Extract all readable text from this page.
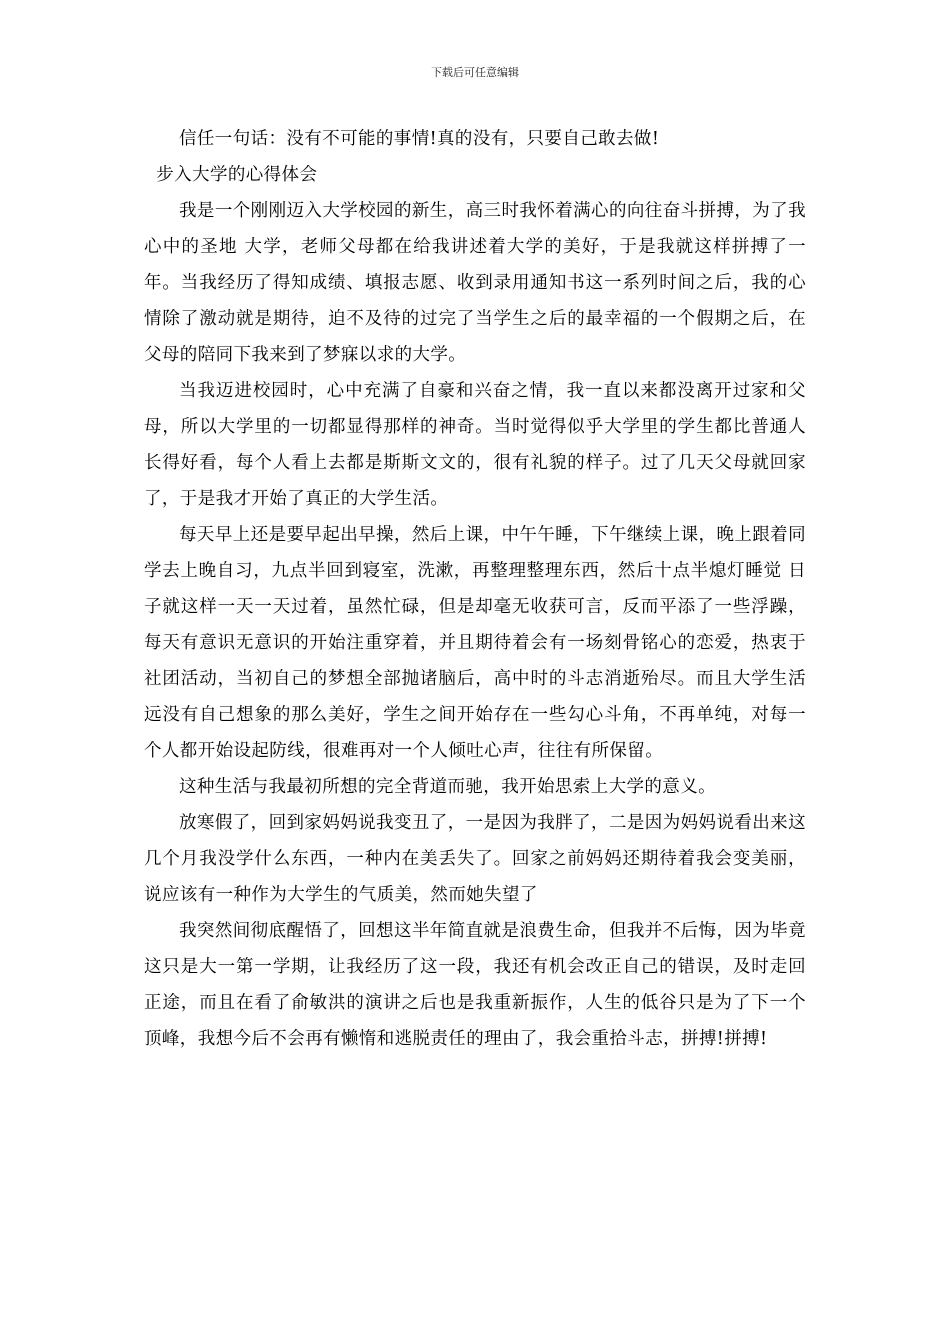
下载后可任意编辑

信任一句话：没有不可能的事情!真的没有，只要自己敢去做!

步入大学的心得体会

我是一个刚刚迈入大学校园的新生，高三时我怀着满心的向往奋斗拼搏，为了我心中的圣地 大学，老师父母都在给我讲述着大学的美好，于是我就这样拼搏了一年。当我经历了得知成绩、填报志愿、收到录用通知书这一系列时间之后，我的心情除了激动就是期待，迫不及待的过完了当学生之后的最幸福的一个假期之后，在父母的陪同下我来到了梦寐以求的大学。

当我迈进校园时，心中充满了自豪和兴奋之情，我一直以来都没离开过家和父母，所以大学里的一切都显得那样的神奇。当时觉得似乎大学里的学生都比普通人长得好看，每个人看上去都是斯斯文文的，很有礼貌的样子。过了几天父母就回家了，于是我才开始了真正的大学生活。

每天早上还是要早起出早操，然后上课，中午午睡，下午继续上课，晚上跟着同学去上晚自习，九点半回到寝室，洗漱，再整理整理东西，然后十点半熄灯睡觉 日子就这样一天一天过着，虽然忙碌，但是却毫无收获可言，反而平添了一些浮躁，每天有意识无意识的开始注重穿着，并且期待着会有一场刻骨铭心的恋爱，热衷于社团活动，当初自己的梦想全部抛诸脑后，高中时的斗志消逝殆尽。而且大学生活远没有自己想象的那么美好，学生之间开始存在一些勾心斗角，不再单纯，对每一个人都开始设起防线，很难再对一个人倾吐心声，往往有所保留。

这种生活与我最初所想的完全背道而驰，我开始思索上大学的意义。

放寒假了，回到家妈妈说我变丑了，一是因为我胖了，二是因为妈妈说看出来这几个月我没学什么东西，一种内在美丢失了。回家之前妈妈还期待着我会变美丽，说应该有一种作为大学生的气质美，然而她失望了

我突然间彻底醒悟了，回想这半年简直就是浪费生命，但我并不后悔，因为毕竟这只是大一第一学期，让我经历了这一段，我还有机会改正自己的错误，及时走回正途，而且在看了俞敏洪的演讲之后也是我重新振作，人生的低谷只是为了下一个顶峰，我想今后不会再有懒惰和逃脱责任的理由了，我会重拾斗志，拼搏!拼搏!
